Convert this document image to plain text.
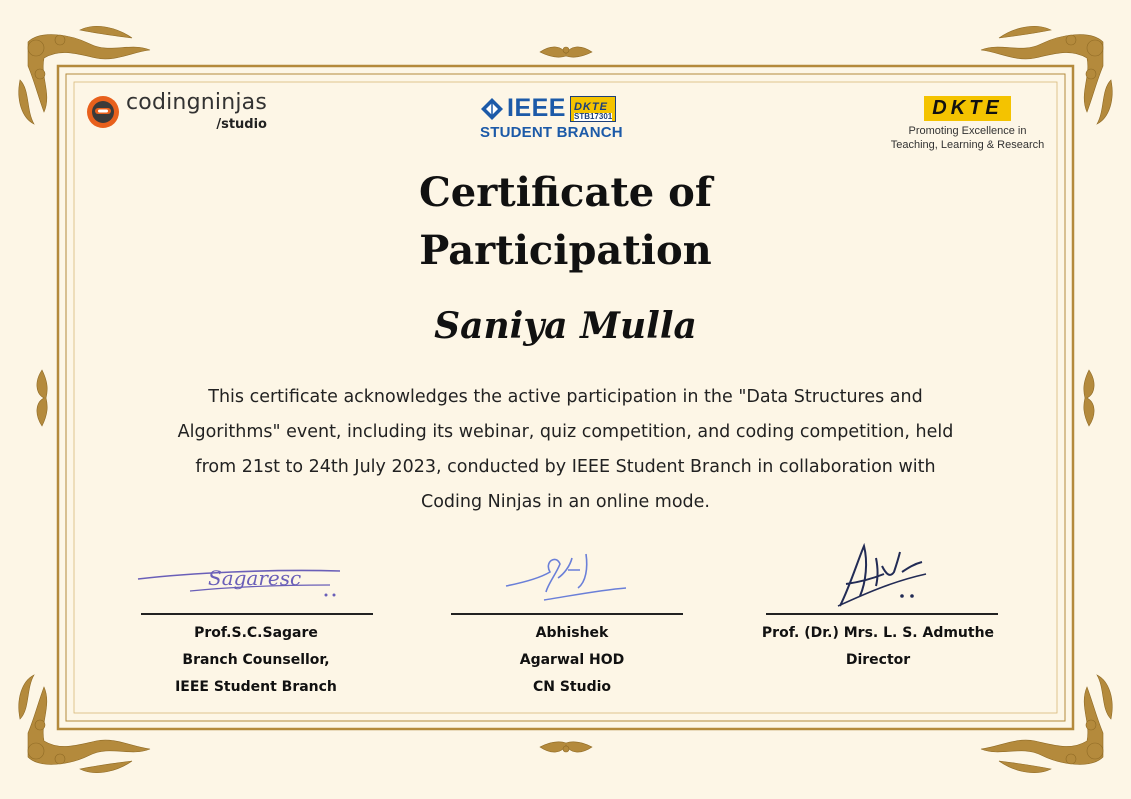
codingninjas
/studio
IEEE DKTE
STB17301
STUDENT BRANCH
DKTE
Promoting Excellence in
Teaching, Learning & Research
Certificate of
Participation
Saniya Mulla
This certificate acknowledges the active participation in the "Data Structures and
Algorithms" event, including its webinar, quiz competition, and coding competition, held
from 21st to 24th July 2023, conducted by IEEE Student Branch in collaboration with
Coding Ninjas in an online mode.
Sagaresc
Prof.S.C.Sagare
Branch Counsellor,
IEEE Student Branch
Abhishek
Agarwal HOD
CN Studio
Prof. (Dr.) Mrs. L. S. Admuthe
Director
